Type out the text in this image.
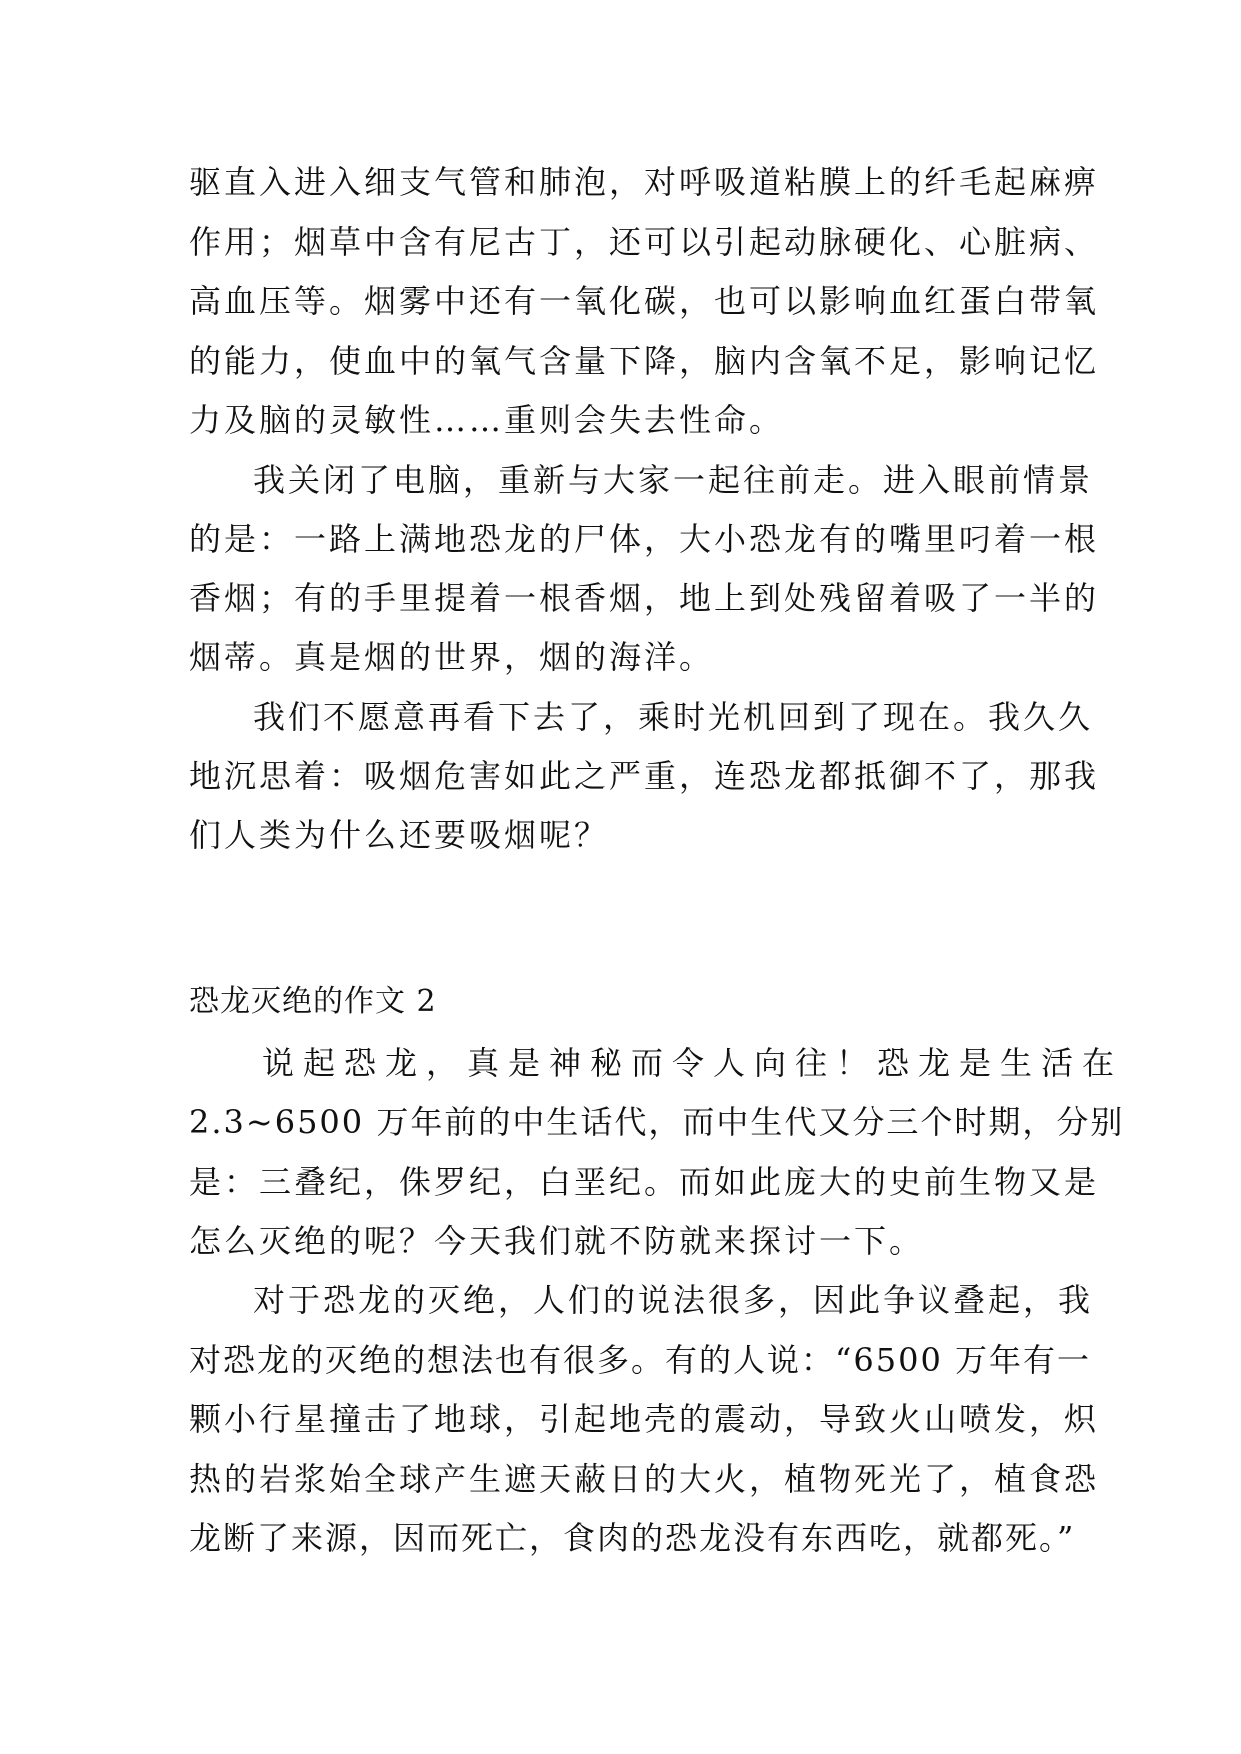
驱直入进入细支气管和肺泡，对呼吸道粘膜上的纤毛起麻痹
作用；烟草中含有尼古丁，还可以引起动脉硬化、心脏病、
高血压等。烟雾中还有一氧化碳，也可以影响血红蛋白带氧
的能力，使血中的氧气含量下降，脑内含氧不足，影响记忆
力及脑的灵敏性……重则会失去性命。
我关闭了电脑，重新与大家一起往前走。进入眼前情景
的是：一路上满地恐龙的尸体，大小恐龙有的嘴里叼着一根
香烟；有的手里提着一根香烟，地上到处残留着吸了一半的
烟蒂。真是烟的世界，烟的海洋。
我们不愿意再看下去了，乘时光机回到了现在。我久久
地沉思着：吸烟危害如此之严重，连恐龙都抵御不了，那我
们人类为什么还要吸烟呢？
恐龙灭绝的作文 2
说起恐龙，真是神秘而令人向往！恐龙是生活在
2.3~6500 万年前的中生话代，而中生代又分三个时期，分别
是：三叠纪，侏罗纪，白垩纪。而如此庞大的史前生物又是
怎么灭绝的呢？今天我们就不防就来探讨一下。
对于恐龙的灭绝，人们的说法很多，因此争议叠起，我
对恐龙的灭绝的想法也有很多。有的人说：“6500 万年有一
颗小行星撞击了地球，引起地壳的震动，导致火山喷发，炽
热的岩浆始全球产生遮天蔽日的大火，植物死光了，植食恐
龙断了来源，因而死亡，食肉的恐龙没有东西吃，就都死。”
